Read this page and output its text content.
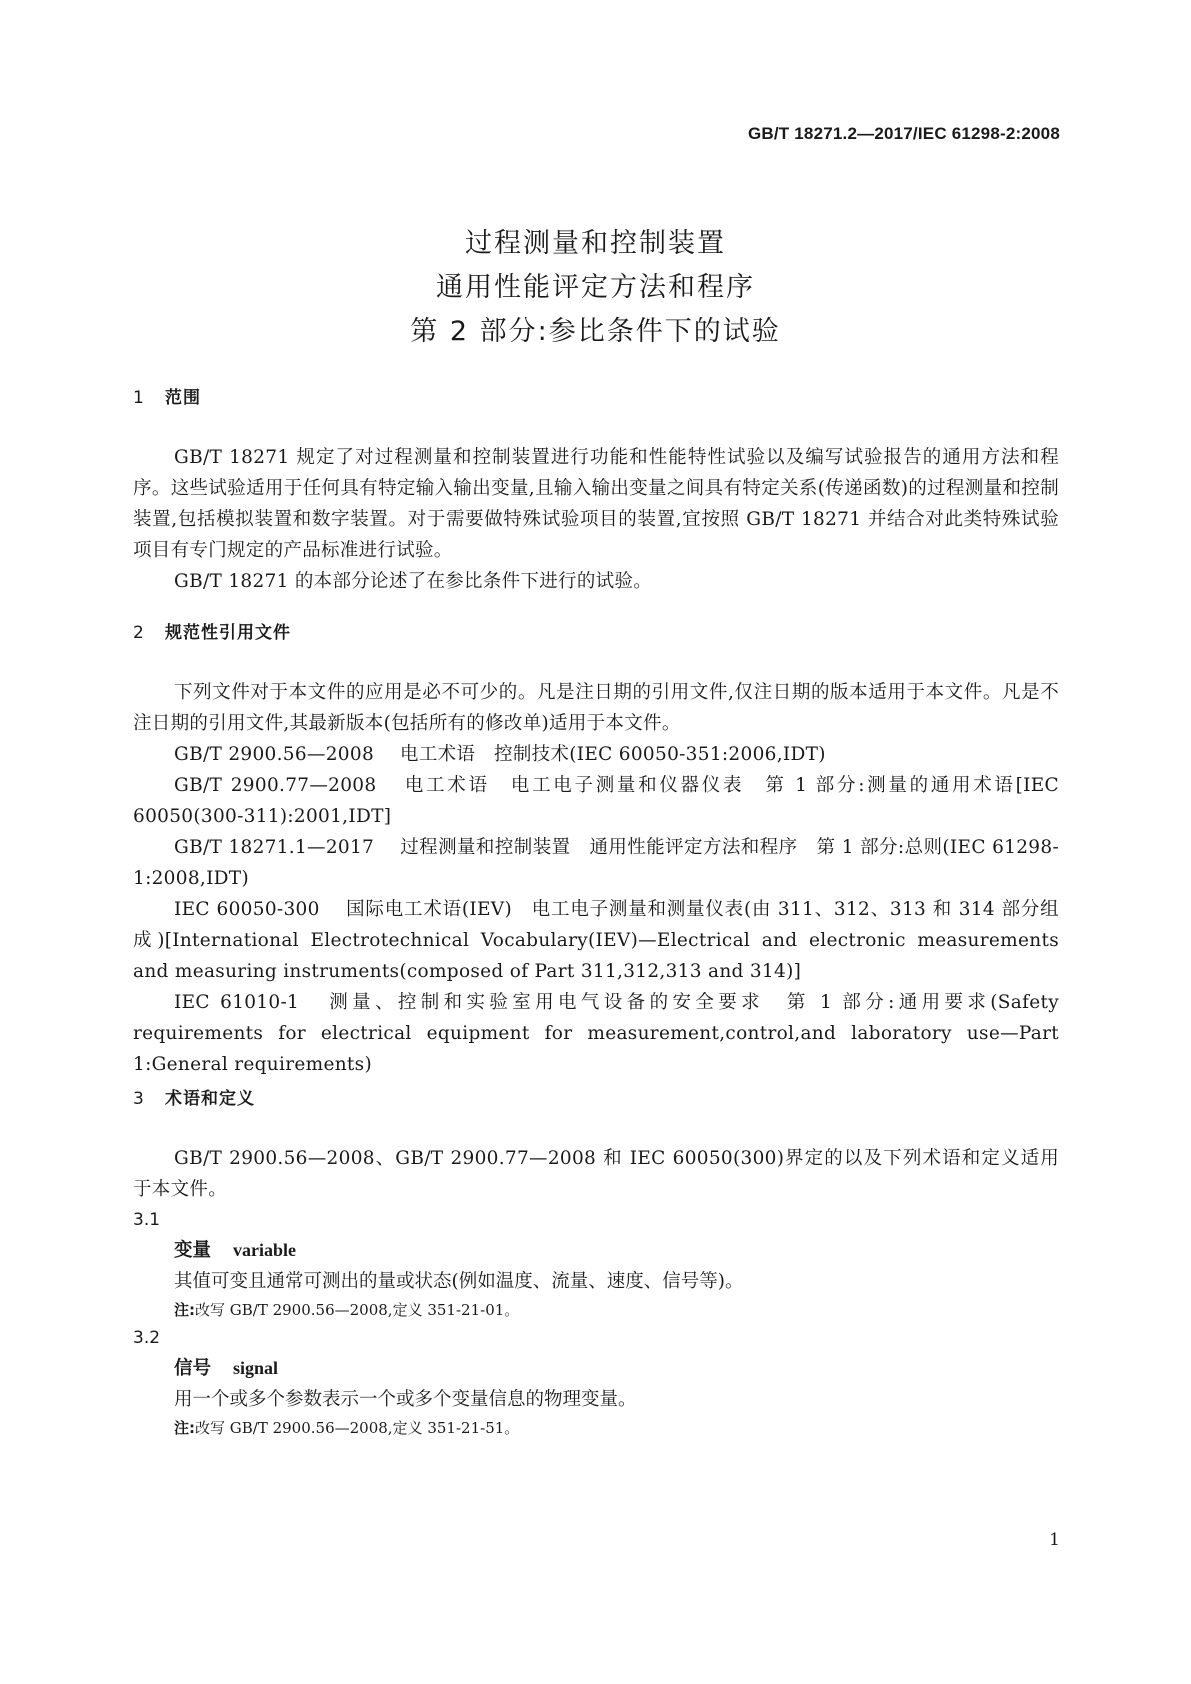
GB/T 18271.2—2017/IEC 61298-2:2008
过程测量和控制装置
通用性能评定方法和程序
第 2 部分:参比条件下的试验
1 范围

GB/T 18271 规定了对过程测量和控制装置进行功能和性能特性试验以及编写试验报告的通用方法和程序。这些试验适用于任何具有特定输入输出变量,且输入输出变量之间具有特定关系(传递函数)的过程测量和控制装置,包括模拟装置和数字装置。对于需要做特殊试验项目的装置,宜按照 GB/T 18271 并结合对此类特殊试验项目有专门规定的产品标准进行试验。

GB/T 18271 的本部分论述了在参比条件下进行的试验。

2 规范性引用文件

下列文件对于本文件的应用是必不可少的。凡是注日期的引用文件,仅注日期的版本适用于本文件。凡是不注日期的引用文件,其最新版本(包括所有的修改单)适用于本文件。

GB/T 2900.56—2008 电工术语　控制技术(IEC 60050-351:2006,IDT)

GB/T 2900.77—2008 电工术语　电工电子测量和仪器仪表　第 1 部分:测量的通用术语[IEC 60050(300-311):2001,IDT]

GB/T 18271.1—2017 过程测量和控制装置　通用性能评定方法和程序　第 1 部分:总则(IEC 61298-1:2008,IDT)

IEC 60050-300 国际电工术语(IEV)　电工电子测量和测量仪表(由 311、312、313 和 314 部分组成)[International Electrotechnical Vocabulary(IEV)—Electrical and electronic measurements and measuring instruments(composed of Part 311,312,313 and 314)]

IEC 61010-1 测量、控制和实验室用电气设备的安全要求　第 1 部分:通用要求(Safety requirements for electrical equipment for measurement,control,and laboratory use—Part 1:General requirements)

3 术语和定义

GB/T 2900.56—2008、GB/T 2900.77—2008 和 IEC 60050(300)界定的以及下列术语和定义适用于本文件。

3.1
变量 variable
其值可变且通常可测出的量或状态(例如温度、流量、速度、信号等)。
注:改写 GB/T 2900.56—2008,定义 351-21-01。
3.2
信号 signal
用一个或多个参数表示一个或多个变量信息的物理变量。
注:改写 GB/T 2900.56—2008,定义 351-21-51。
1
